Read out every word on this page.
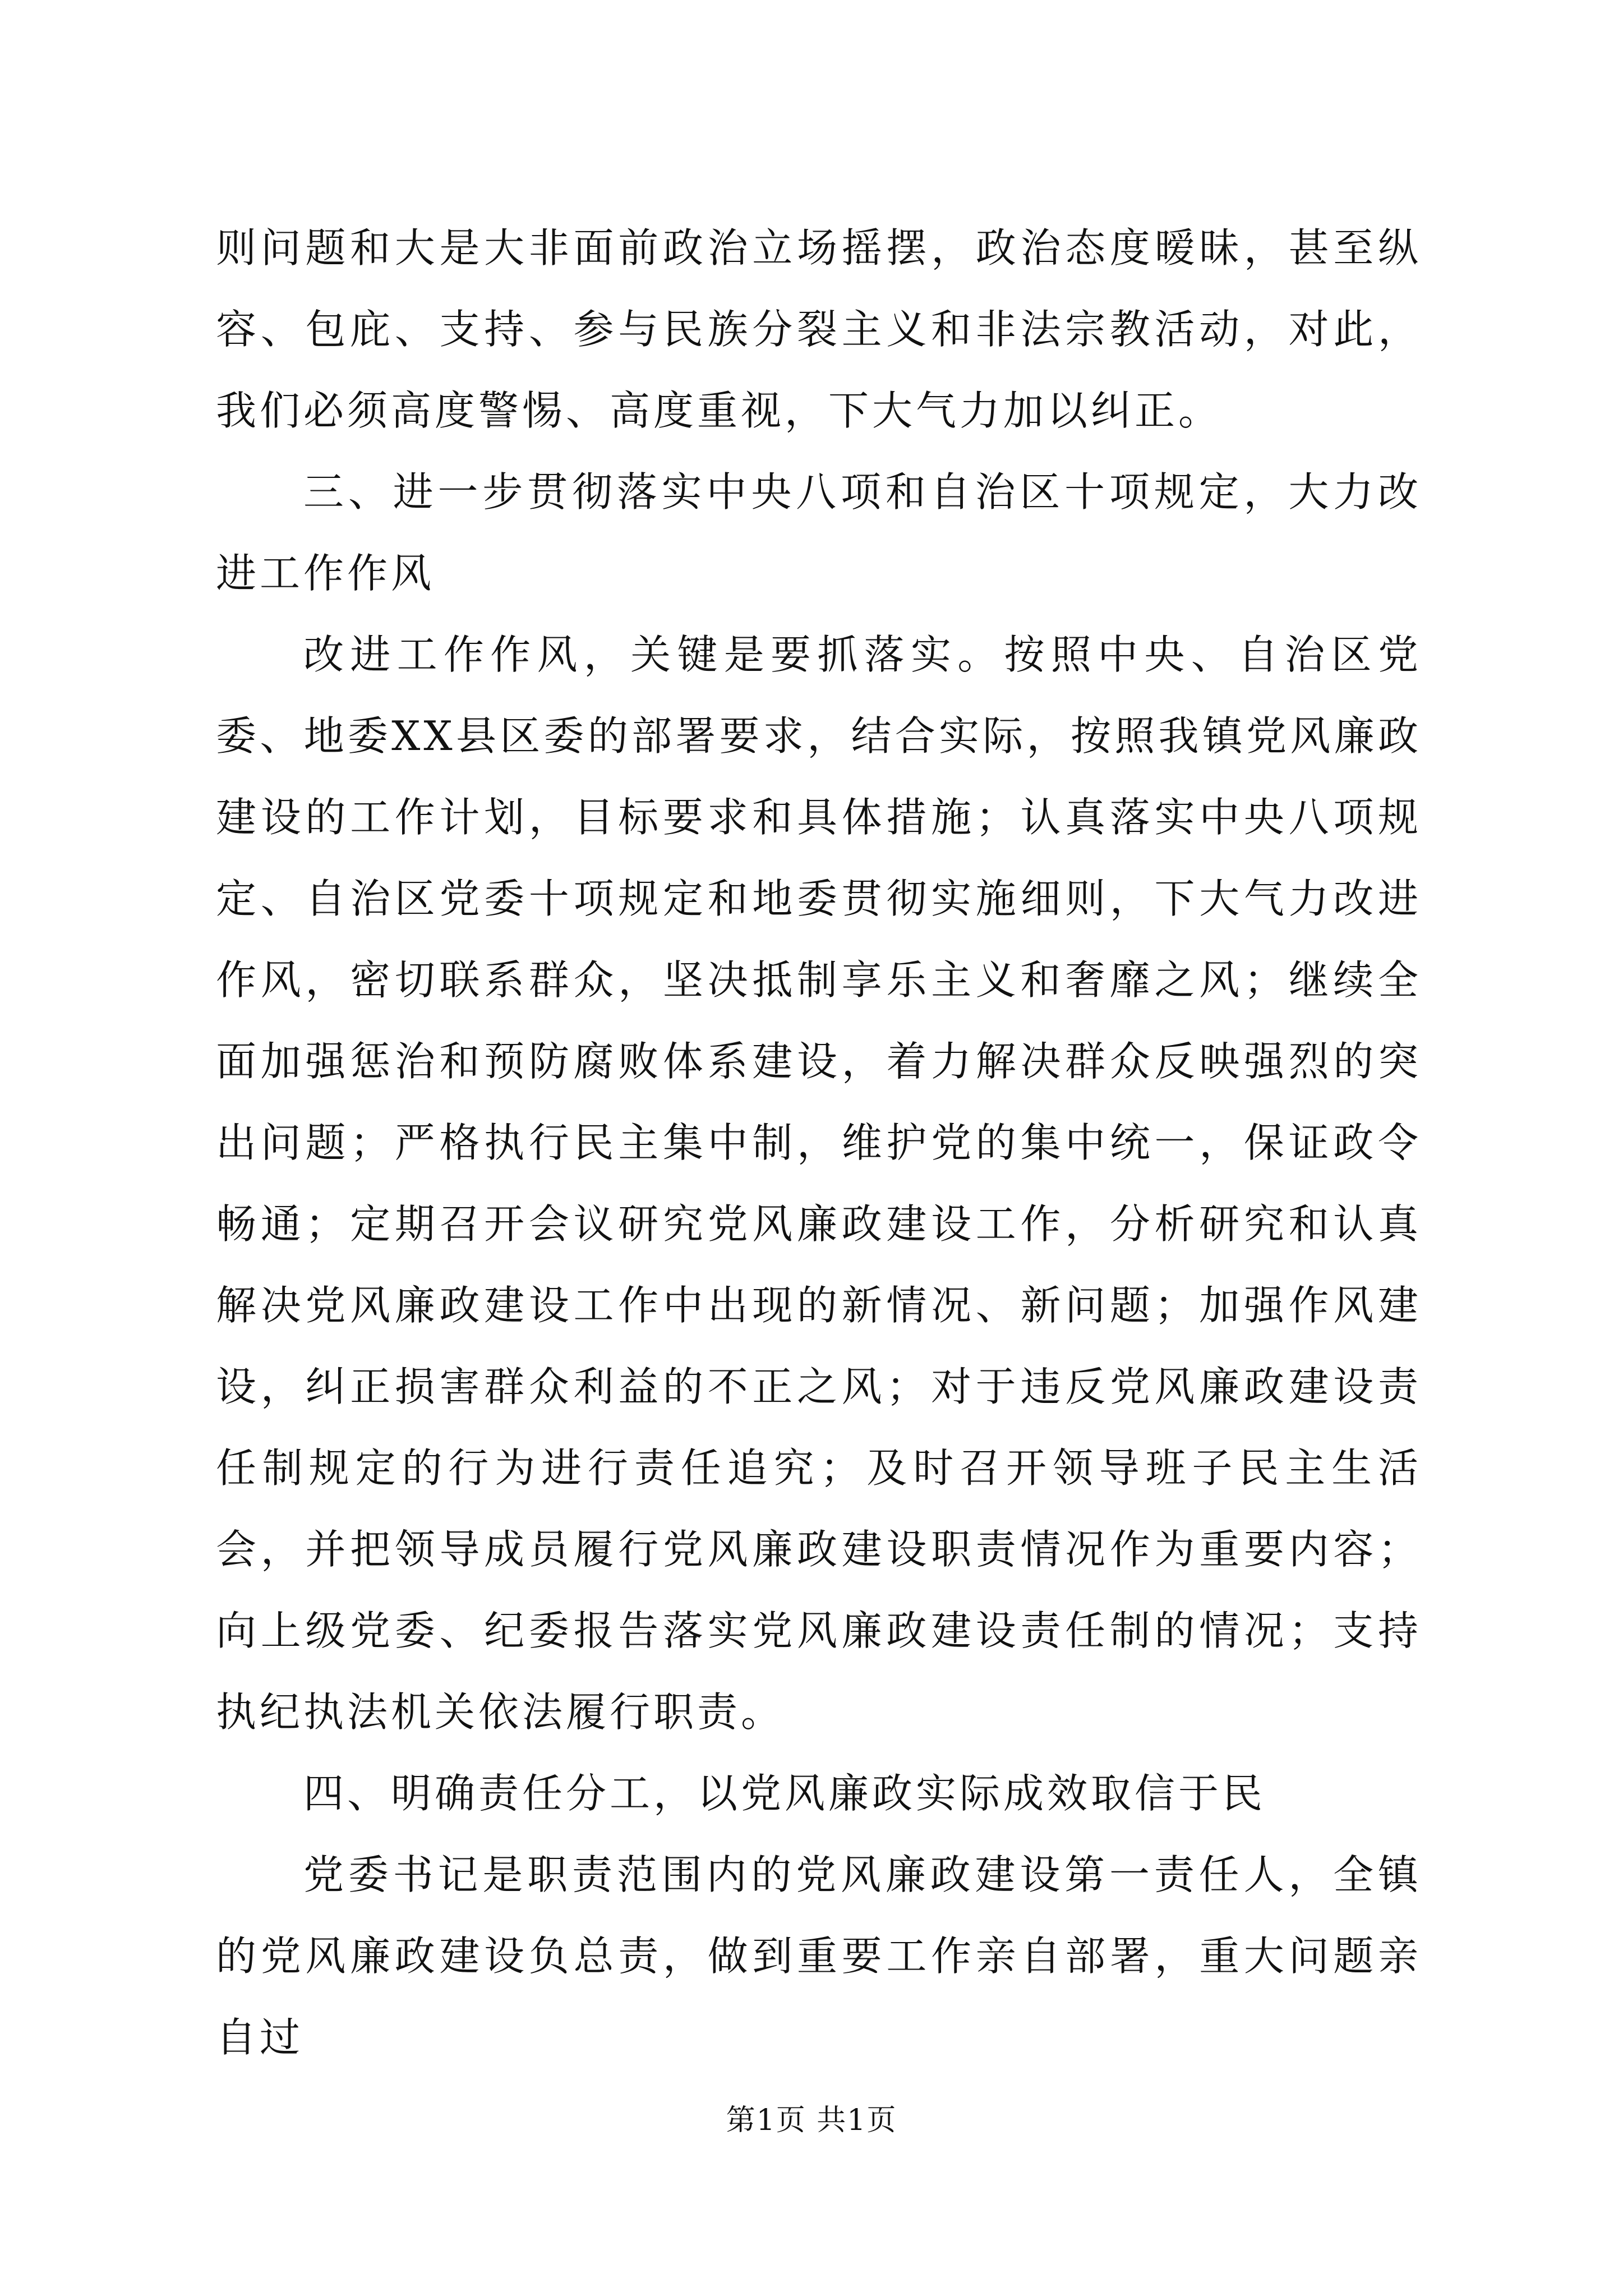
则问题和大是大非面前政治立场摇摆，政治态度暧昧，甚至纵容、包庇、支持、参与民族分裂主义和非法宗教活动，对此，我们必须高度警惕、高度重视，下大气力加以纠正。

三、进一步贯彻落实中央八项和自治区十项规定，大力改进工作作风

改进工作作风，关键是要抓落实。按照中央、自治区党委、地委XX县区委的部署要求，结合实际，按照我镇党风廉政建设的工作计划，目标要求和具体措施；认真落实中央八项规定、自治区党委十项规定和地委贯彻实施细则，下大气力改进作风，密切联系群众，坚决抵制享乐主义和奢靡之风；继续全面加强惩治和预防腐败体系建设，着力解决群众反映强烈的突出问题；严格执行民主集中制，维护党的集中统一，保证政令畅通；定期召开会议研究党风廉政建设工作，分析研究和认真解决党风廉政建设工作中出现的新情况、新问题；加强作风建设，纠正损害群众利益的不正之风；对于违反党风廉政建设责任制规定的行为进行责任追究；及时召开领导班子民主生活会，并把领导成员履行党风廉政建设职责情况作为重要内容；向上级党委、纪委报告落实党风廉政建设责任制的情况；支持执纪执法机关依法履行职责。

四、明确责任分工，以党风廉政实际成效取信于民

党委书记是职责范围内的党风廉政建设第一责任人，全镇的党风廉政建设负总责，做到重要工作亲自部署，重大问题亲自过

第1页 共1页
